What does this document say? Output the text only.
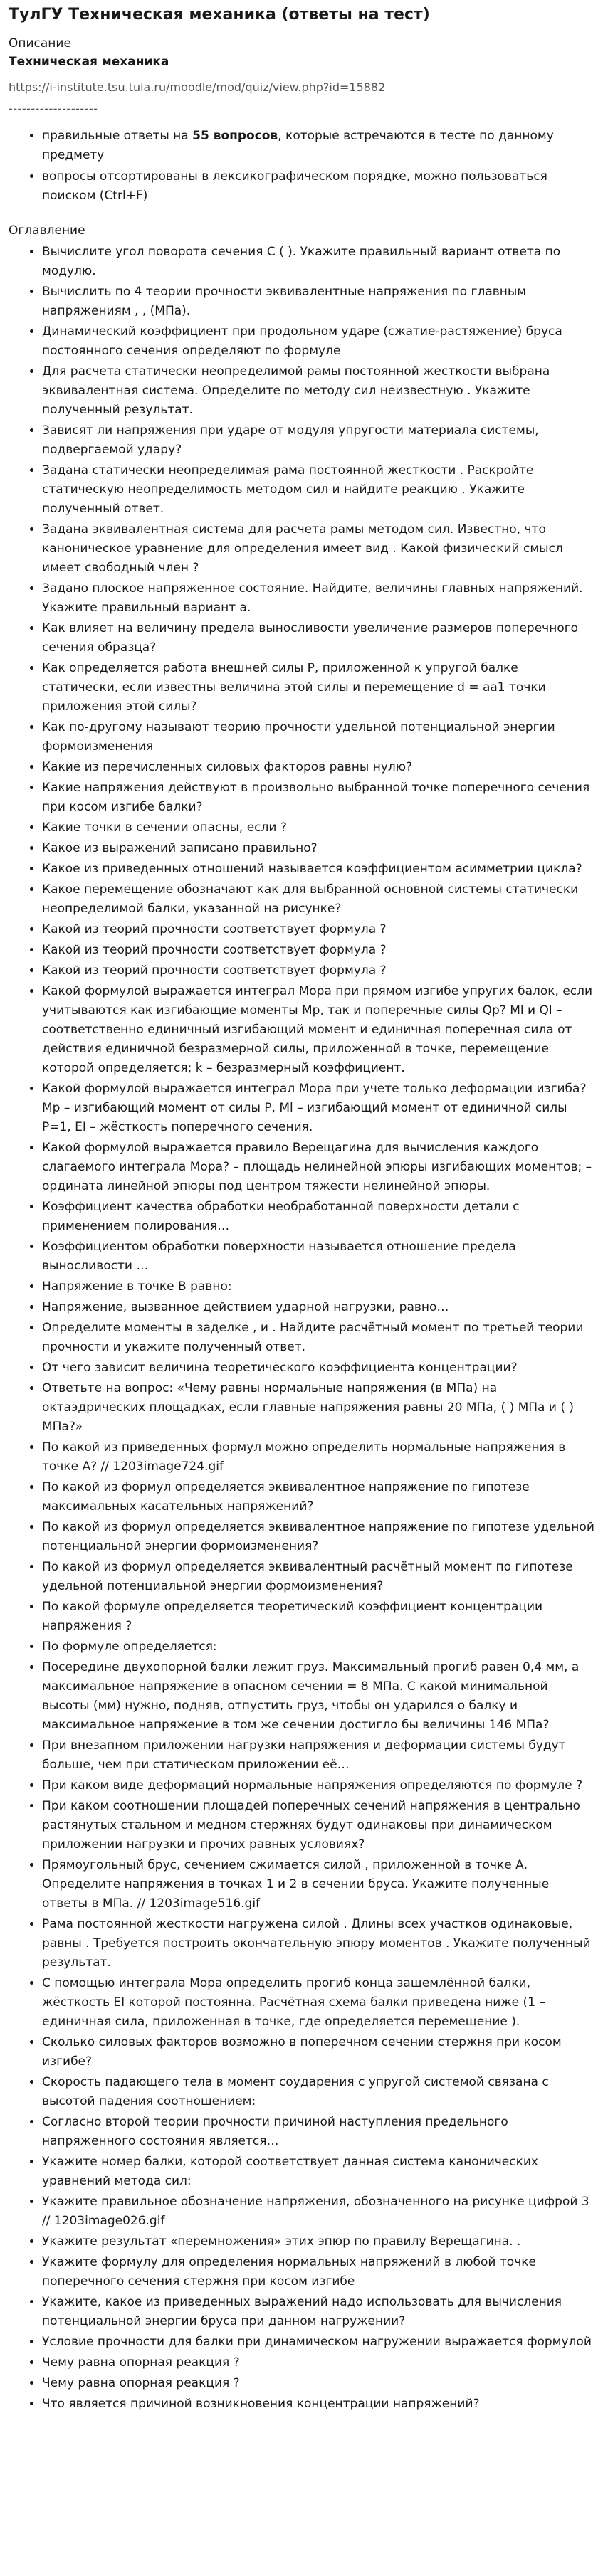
ТулГУ Техническая механика (ответы на тест)

Описание

Техническая механика

https://i-institute.tsu.tula.ru/moodle/mod/quiz/view.php?id=15882

--------------------

• правильные ответы на 55 вопросов, которые встречаются в тесте по данному предмету
• вопросы отсортированы в лексикографическом порядке, можно пользоваться поиском (Ctrl+F)

Оглавление

• Вычислите угол поворота сечения С ( ). Укажите правильный вариант ответа по модулю.
• Вычислить по 4 теории прочности эквивалентные напряжения по главным напряжениям , , (МПа).
• Динамический коэффициент при продольном ударе (сжатие-растяжение) бруса постоянного сечения определяют по формуле
• Для расчета статически неопределимой рамы постоянной жесткости выбрана эквивалентная система. Определите по методу сил неизвестную . Укажите полученный результат.
• Зависят ли напряжения при ударе от модуля упругости материала системы, подвергаемой удару?
• Задана статически неопределимая рама постоянной жесткости . Раскройте статическую неопределимость методом сил и найдите реакцию . Укажите полученный ответ.
• Задана эквивалентная система для расчета рамы методом сил. Известно, что каноническое уравнение для определения имеет вид . Какой физический смысл имеет свободный член ?
• Задано плоское напряженное состояние. Найдите, величины главных напряжений. Укажите правильный вариант а.
• Как влияет на величину предела выносливости увеличение размеров поперечного сечения образца?
• Как определяется работа внешней силы P, приложенной к упругой балке статически, если известны величина этой силы и перемещение d = aa1 точки приложения этой силы?
• Как по-другому называют теорию прочности удельной потенциальной энергии формоизменения
• Какие из перечисленных силовых факторов равны нулю?
• Какие напряжения действуют в произвольно выбранной точке поперечного сечения при косом изгибе балки?
• Какие точки в сечении опасны, если ?
• Какое из выражений записано правильно?
• Какое из приведенных отношений называется коэффициентом асимметрии цикла?
• Какое перемещение обозначают как для выбранной основной системы статически неопределимой балки, указанной на рисунке?
• Какой из теорий прочности соответствует формула ?
• Какой из теорий прочности соответствует формула ?
• Какой из теорий прочности соответствует формула ?
• Какой формулой выражается интеграл Мора при прямом изгибе упругих балок, если учитываются как изгибающие моменты Mp, так и поперечные силы Qp? Ml и Ql – соответственно единичный изгибающий момент и единичная поперечная сила от действия единичной безразмерной силы, приложенной в точке, перемещение которой определяется; k – безразмерный коэффициент.
• Какой формулой выражается интеграл Мора при учете только деформации изгиба? Mp – изгибающий момент от силы P, Ml – изгибающий момент от единичной силы P=1, EI – жёсткость поперечного сечения.
• Какой формулой выражается правило Верещагина для вычисления каждого слагаемого интеграла Мора? – площадь нелинейной эпюры изгибающих моментов; – ордината линейной эпюры под центром тяжести нелинейной эпюры.
• Коэффициент качества обработки необработанной поверхности детали с применением полирования…
• Коэффициентом обработки поверхности называется отношение предела выносливости …
• Напряжение в точке В равно:
• Напряжение, вызванное действием ударной нагрузки, равно…
• Определите моменты в заделке , и . Найдите расчётный момент по третьей теории прочности и укажите полученный ответ.
• От чего зависит величина теоретического коэффициента концентрации?
• Ответьте на вопрос: «Чему равны нормальные напряжения (в МПа) на октаэдрических площадках, если главные напряжения равны 20 МПа, ( ) МПа и ( ) МПа?»
• По какой из приведенных формул можно определить нормальные напряжения в точке А? // 1203image724.gif
• По какой из формул определяется эквивалентное напряжение по гипотезе максимальных касательных напряжений?
• По какой из формул определяется эквивалентное напряжение по гипотезе удельной потенциальной энергии формоизменения?
• По какой из формул определяется эквивалентный расчётный момент по гипотезе удельной потенциальной энергии формоизменения?
• По какой формуле определяется теоретический коэффициент концентрации напряжения ?
• По формуле определяется:
• Посередине двухопорной балки лежит груз. Максимальный прогиб равен 0,4 мм, а максимальное напряжение в опасном сечении = 8 МПа. С какой минимальной высоты (мм) нужно, подняв, отпустить груз, чтобы он ударился о балку и максимальное напряжение в том же сечении достигло бы величины 146 МПа?
• При внезапном приложении нагрузки напряжения и деформации системы будут больше, чем при статическом приложении её…
• При каком виде деформаций нормальные напряжения определяются по формуле ?
• При каком соотношении площадей поперечных сечений напряжения в центрально растянутых стальном и медном стержнях будут одинаковы при динамическом приложении нагрузки и прочих равных условиях?
• Прямоугольный брус, сечением сжимается силой , приложенной в точке А. Определите напряжения в точках 1 и 2 в сечении бруса. Укажите полученные ответы в МПа. // 1203image516.gif
• Рама постоянной жесткости нагружена силой . Длины всех участков одинаковые, равны . Требуется построить окончательную эпюру моментов . Укажите полученный результат.
• С помощью интеграла Мора определить прогиб конца защемлённой балки, жёсткость EI которой постоянна. Расчётная схема балки приведена ниже (1 – единичная сила, приложенная в точке, где определяется перемещение ).
• Сколько силовых факторов возможно в поперечном сечении стержня при косом изгибе?
• Скорость падающего тела в момент соударения с упругой системой связана с высотой падения соотношением:
• Согласно второй теории прочности причиной наступления предельного напряженного состояния является…
• Укажите номер балки, которой соответствует данная система канонических уравнений метода сил:
• Укажите правильное обозначение напряжения, обозначенного на рисунке цифрой 3 // 1203image026.gif
• Укажите результат «перемножения» этих эпюр по правилу Верещагина. .
• Укажите формулу для определения нормальных напряжений в любой точке поперечного сечения стержня при косом изгибе
• Укажите, какое из приведенных выражений надо использовать для вычисления потенциальной энергии бруса при данном нагружении?
• Условие прочности для балки при динамическом нагружении выражается формулой
• Чему равна опорная реакция ?
• Чему равна опорная реакция ?
• Что является причиной возникновения концентрации напряжений?
